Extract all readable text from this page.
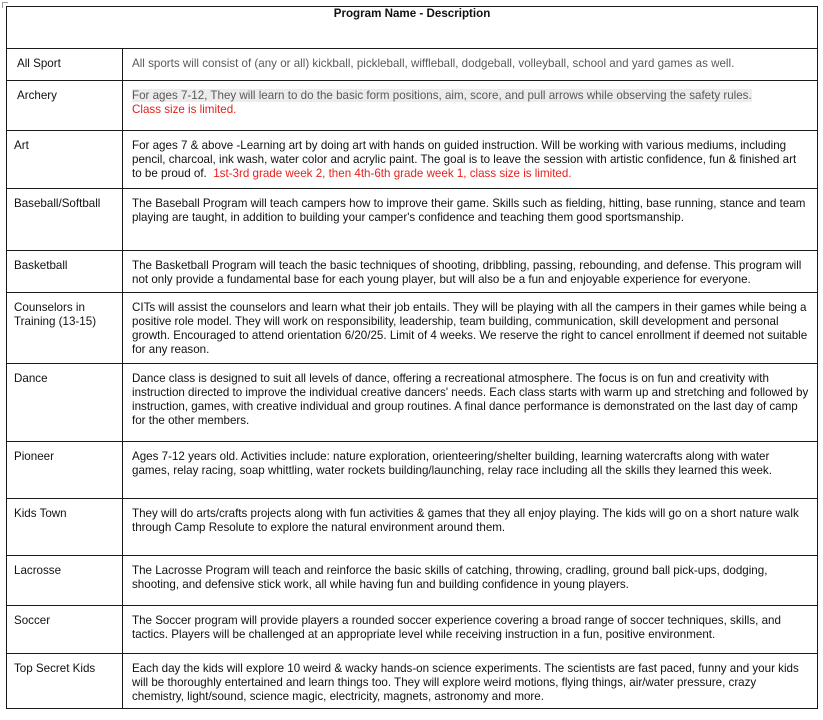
Program Name - Description	
All Sport	All sports will consist of (any or all) kickball, pickleball, wiffleball, dodgeball, volleyball, school and yard games as well.
Archery	For ages 7-12, They will learn to do the basic form positions, aim, score, and pull arrows while observing the safety rules.
Class size is limited.
Art	For ages 7 & above -Learning art by doing art with hands on guided instruction. Will be working with various mediums, including pencil, charcoal, ink wash, water color and acrylic paint. The goal is to leave the session with artistic confidence, fun & finished art to be proud of. 1st-3rd grade week 2, then 4th-6th grade week 1, class size is limited.
Baseball/Softball	The Baseball Program will teach campers how to improve their game. Skills such as fielding, hitting, base running, stance and team playing are taught, in addition to building your camper's confidence and teaching them good sportsmanship.
Basketball	The Basketball Program will teach the basic techniques of shooting, dribbling, passing, rebounding, and defense. This program will not only provide a fundamental base for each young player, but will also be a fun and enjoyable experience for everyone.
Counselors in Training (13-15)	CITs will assist the counselors and learn what their job entails. They will be playing with all the campers in their games while being a positive role model. They will work on responsibility, leadership, team building, communication, skill development and personal growth. Encouraged to attend orientation 6/20/25. Limit of 4 weeks. We reserve the right to cancel enrollment if deemed not suitable for any reason.
Dance	Dance class is designed to suit all levels of dance, offering a recreational atmosphere. The focus is on fun and creativity with instruction directed to improve the individual creative dancers' needs. Each class starts with warm up and stretching and followed by instruction, games, with creative individual and group routines. A final dance performance is demonstrated on the last day of camp for the other members.
Pioneer	Ages 7-12 years old. Activities include: nature exploration, orienteering/shelter building, learning watercrafts along with water games, relay racing, soap whittling, water rockets building/launching, relay race including all the skills they learned this week.
Kids Town	They will do arts/crafts projects along with fun activities & games that they all enjoy playing. The kids will go on a short nature walk through Camp Resolute to explore the natural environment around them.
Lacrosse	The Lacrosse Program will teach and reinforce the basic skills of catching, throwing, cradling, ground ball pick-ups, dodging, shooting, and defensive stick work, all while having fun and building confidence in young players.
Soccer	The Soccer program will provide players a rounded soccer experience covering a broad range of soccer techniques, skills, and tactics. Players will be challenged at an appropriate level while receiving instruction in a fun, positive environment.
Top Secret Kids	Each day the kids will explore 10 weird & wacky hands-on science experiments. The scientists are fast paced, funny and your kids will be thoroughly entertained and learn things too. They will explore weird motions, flying things, air/water pressure, crazy chemistry, light/sound, science magic, electricity, magnets, astronomy and more.
